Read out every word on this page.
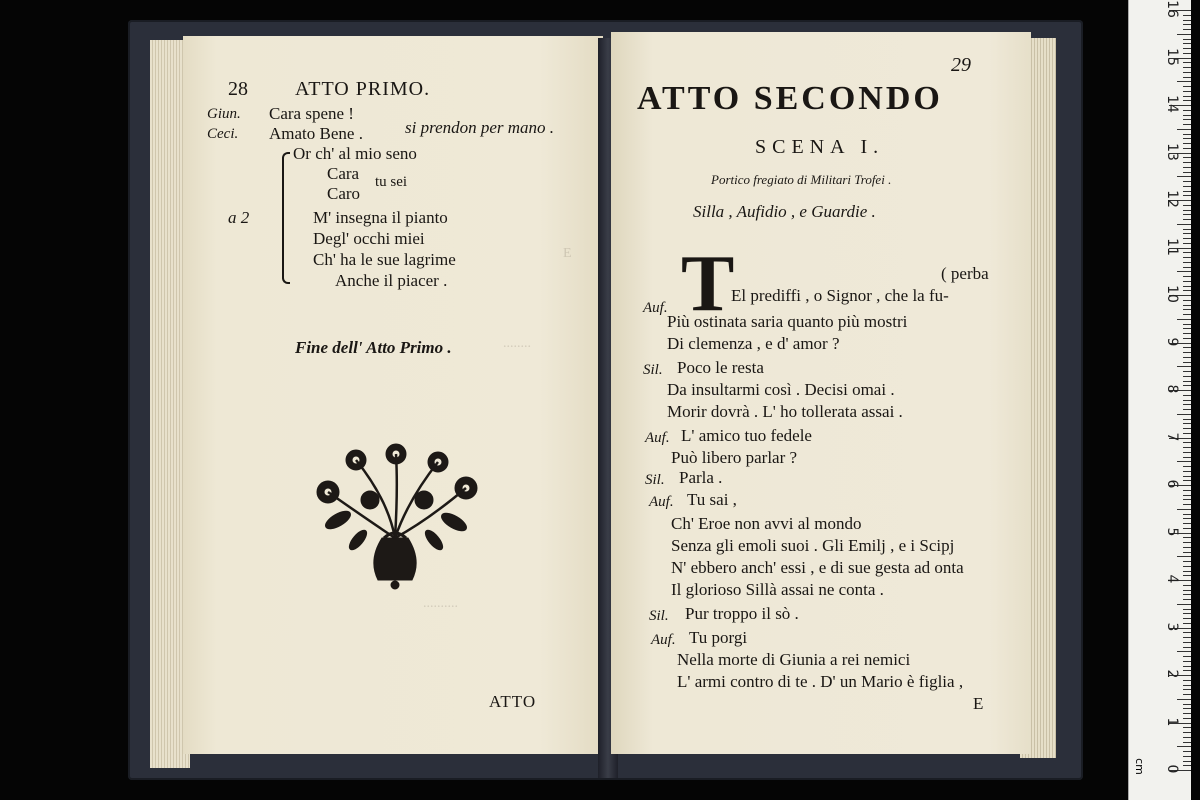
28 ATTO PRIMO.
Giun. Cara spene !
Ceci. Amato Bene . si prendon per mano .
a 2
Or ch' al mio seno
Cara
Caro
tu sei
M' insegna il pianto
Degl' occhi miei
Ch' ha le sue lagrime
Anche il piacer .
Fine dell' Atto Primo .
ATTO
E
........
..........
29
ATTO SECONDO
SCENA I.
Portico fregiato di Militari Trofei .
Silla , Aufidio , e Guardie .
T	( perba
Auf.
El prediffi , o Signor , che la fu-
Più ostinata saria quanto più mostri
Di clemenza , e d' amor ?
Sil. Poco le resta
Da insultarmi così . Decisi omai .
Morir dovrà . L' ho tollerata assai .
Auf. L' amico tuo fedele
Può libero parlar ?
Sil. Parla .
Auf. Tu sai ,
Ch' Eroe non avvi al mondo
Senza gli emoli suoi . Gli Emilj , e i Scipj
N' ebbero anch' essi , e di sue gesta ad onta
Il glorioso Sillà assai ne conta .
Sil. Pur troppo il sò .
Auf. Tu porgi
Nella morte di Giunia a rei nemici
L' armi contro di te . D' un Mario è figlia ,
E
cm 0
1
2
3
4
5
6
7
8
9
10
11
12
13
14
15
16
